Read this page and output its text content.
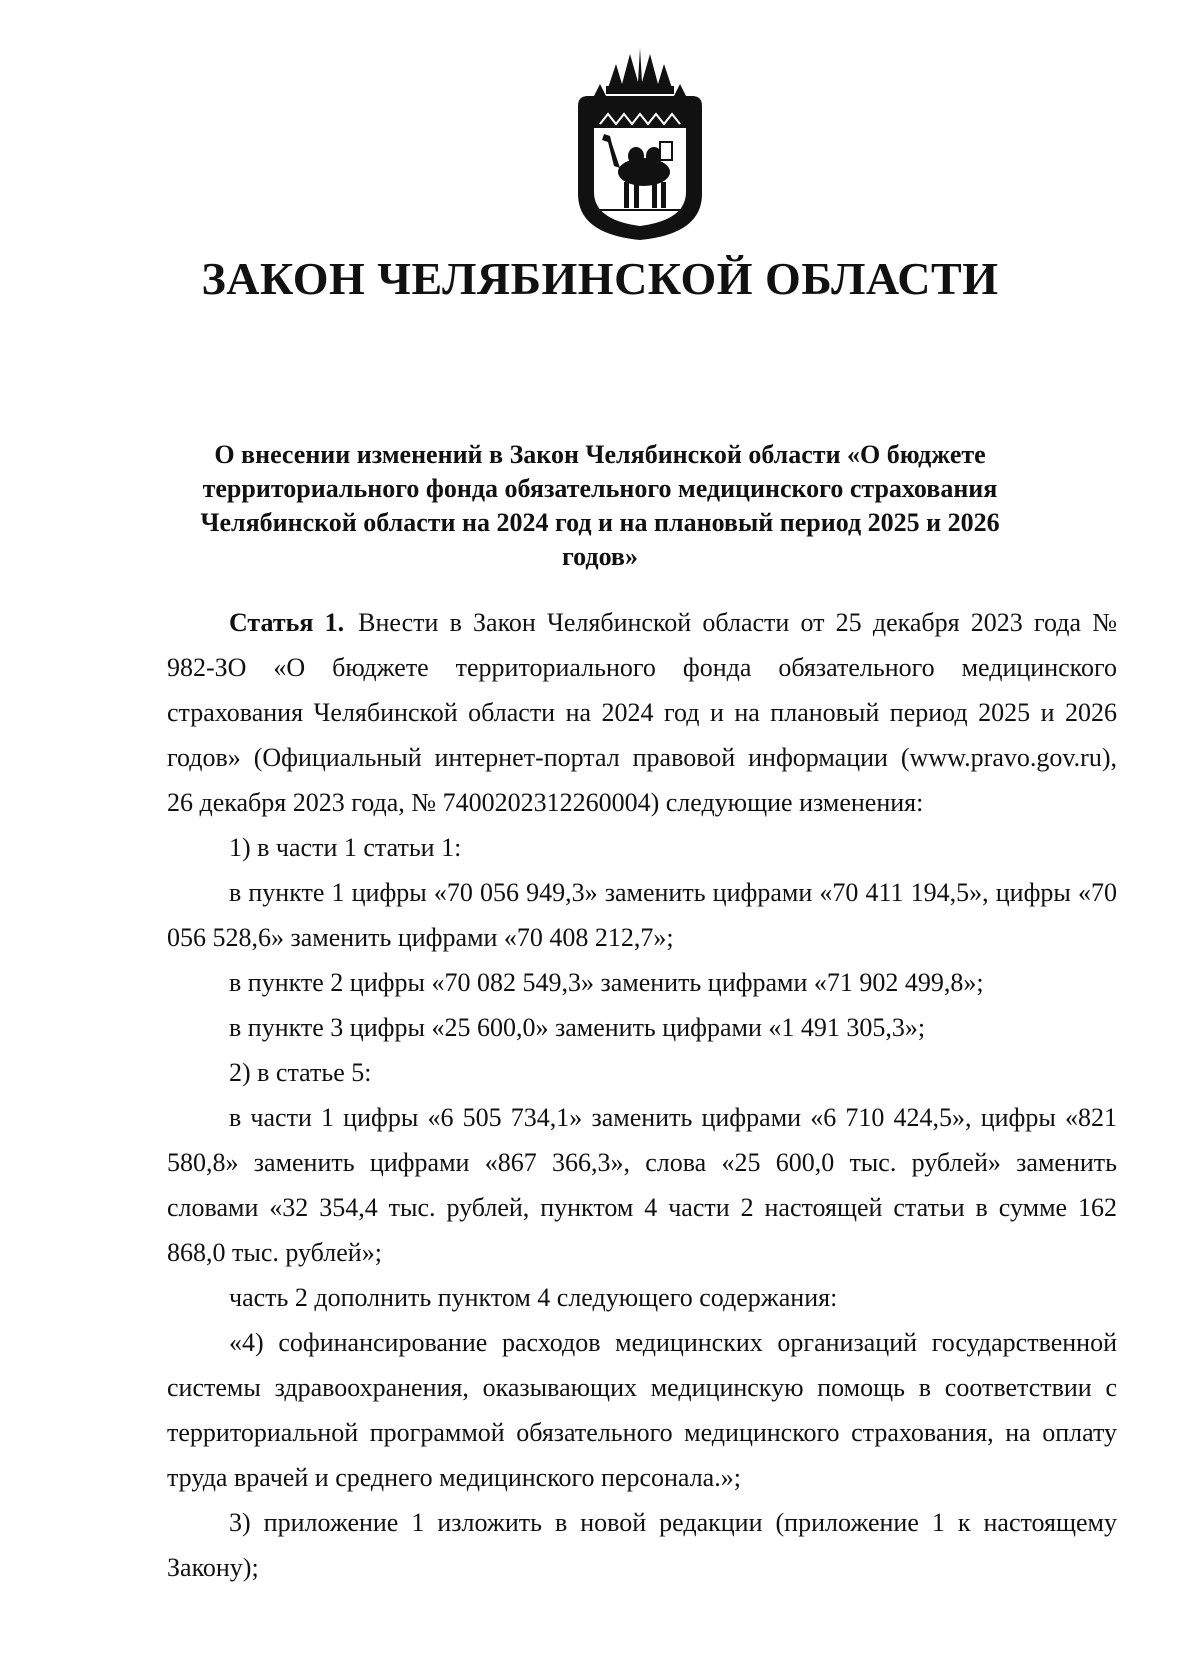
ЗАКОН ЧЕЛЯБИНСКОЙ ОБЛАСТИ
О внесении изменений в Закон Челябинской области «О бюджете
территориального фонда обязательного медицинского страхования
Челябинской области на 2024 год и на плановый период 2025 и 2026 годов»

Статья 1. Внести в Закон Челябинской области от 25 декабря 2023 года № 982-ЗО «О бюджете территориального фонда обязательного медицинского страхования Челябинской области на 2024 год и на плановый период 2025 и 2026 годов» (Официальный интернет-портал правовой информации (www.pravo.gov.ru), 26 декабря 2023 года, № 7400202312260004) следующие изменения:

1) в части 1 статьи 1:

в пункте 1 цифры «70 056 949,3» заменить цифрами «70 411 194,5», цифры «70 056 528,6» заменить цифрами «70 408 212,7»;

в пункте 2 цифры «70 082 549,3» заменить цифрами «71 902 499,8»;

в пункте 3 цифры «25 600,0» заменить цифрами «1 491 305,3»;

2) в статье 5:

в части 1 цифры «6 505 734,1» заменить цифрами «6 710 424,5», цифры «821 580,8» заменить цифрами «867 366,3», слова «25 600,0 тыс. рублей» заменить словами «32 354,4 тыс. рублей, пунктом 4 части 2 настоящей статьи в сумме 162 868,0 тыс. рублей»;

часть 2 дополнить пунктом 4 следующего содержания:

«4) софинансирование расходов медицинских организаций государственной системы здравоохранения, оказывающих медицинскую помощь в соответствии с территориальной программой обязательного медицинского страхования, на оплату труда врачей и среднего медицинского персонала.»;

3) приложение 1 изложить в новой редакции (приложение 1 к настоящему Закону);
